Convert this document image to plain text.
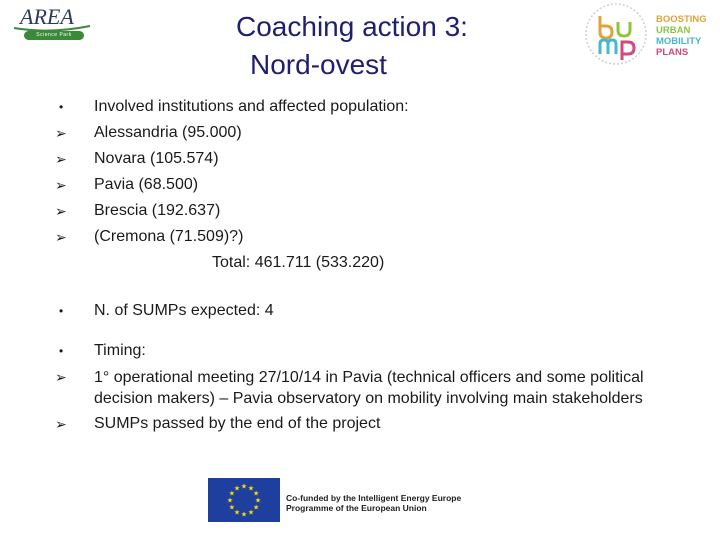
AREA
Science Park	Coaching action 3:
Nord-ovest
BOOSTING
URBAN
MOBILITY
PLANS
•	Involved institutions and affected population:
➢	Alessandria (95.000)
➢	Novara (105.574)
➢	Pavia (68.500)
➢	Brescia (192.637)
➢	(Cremona (71.509)?)
Total: 461.711 (533.220)
•	N. of SUMPs expected: 4
•	Timing:
➢	1° operational meeting 27/10/14 in Pavia (technical officers and some political decision makers) – Pavia observatory on mobility involving main stakeholders
➢	SUMPs passed by the end of the project
★ ★
★
★
★
★
★
★
★
★
★
★
Co-funded by the Intelligent Energy Europe
Programme of the European Union
